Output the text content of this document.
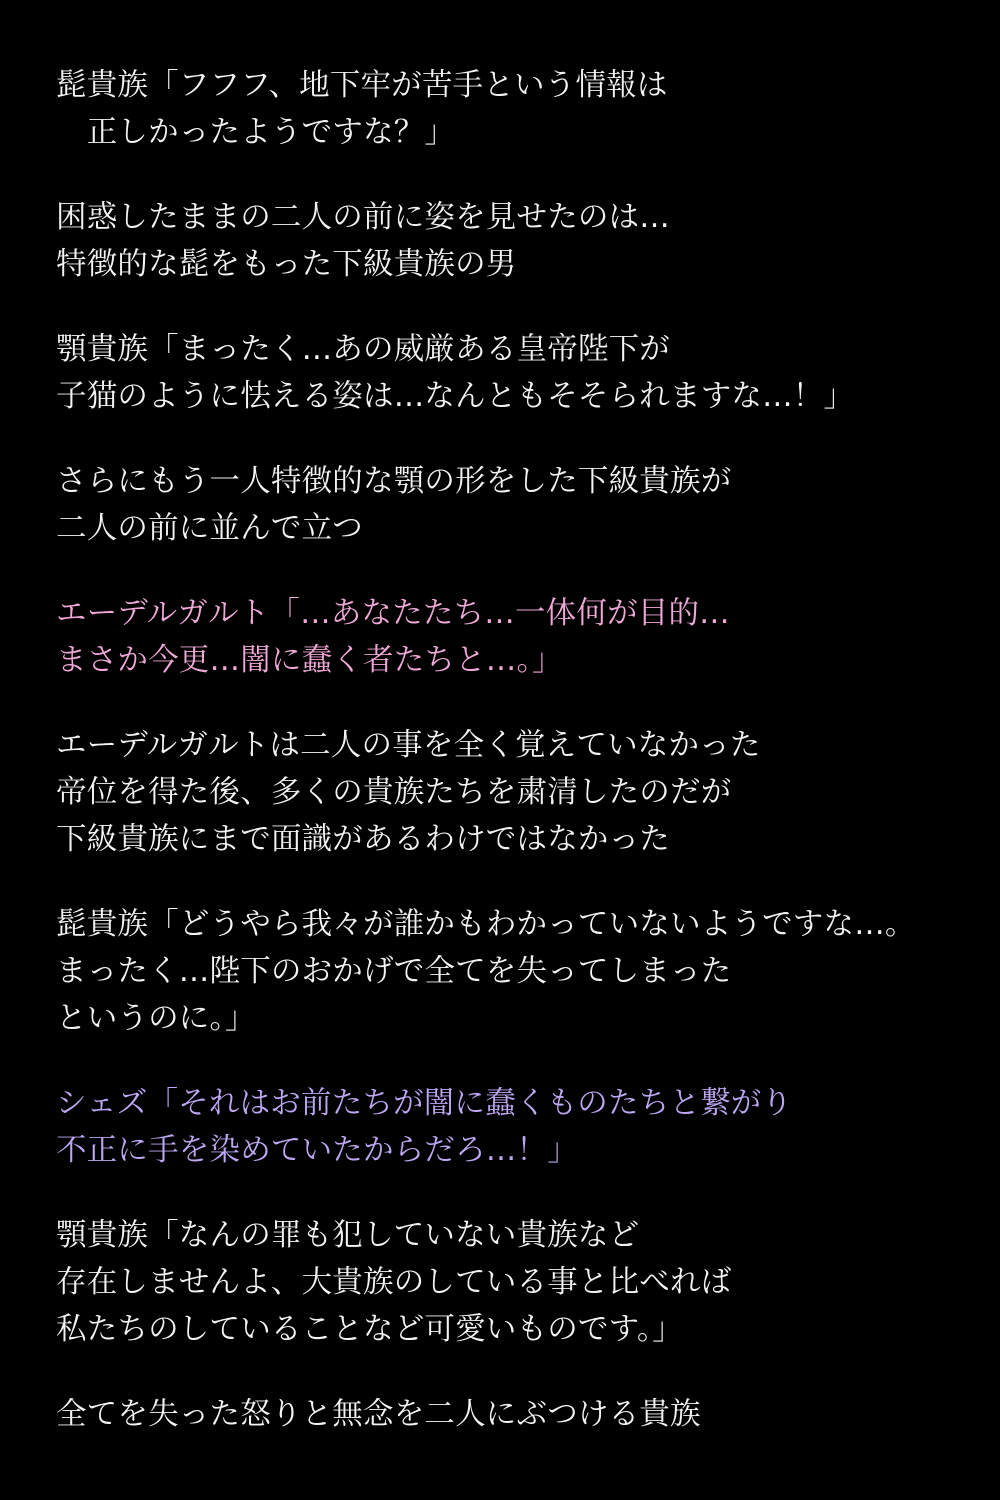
髭貴族「フフフ、地下牢が苦手という情報は
　正しかったようですな？」
困惑したままの二人の前に姿を見せたのは…
特徴的な髭をもった下級貴族の男
顎貴族「まったく…あの威厳ある皇帝陛下が
子猫のように怯える姿は…なんともそそられますな…！」
さらにもう一人特徴的な顎の形をした下級貴族が
二人の前に並んで立つ
エーデルガルト「…あなたたち…一体何が目的…
まさか今更…闇に蠢く者たちと…。」
エーデルガルトは二人の事を全く覚えていなかった
帝位を得た後、多くの貴族たちを粛清したのだが
下級貴族にまで面識があるわけではなかった
髭貴族「どうやら我々が誰かもわかっていないようですな…。
まったく…陛下のおかげで全てを失ってしまった
というのに。」
シェズ「それはお前たちが闇に蠢くものたちと繋がり
不正に手を染めていたからだろ…！」
顎貴族「なんの罪も犯していない貴族など
存在しませんよ、大貴族のしている事と比べれば
私たちのしていることなど可愛いものです。」
全てを失った怒りと無念を二人にぶつける貴族
